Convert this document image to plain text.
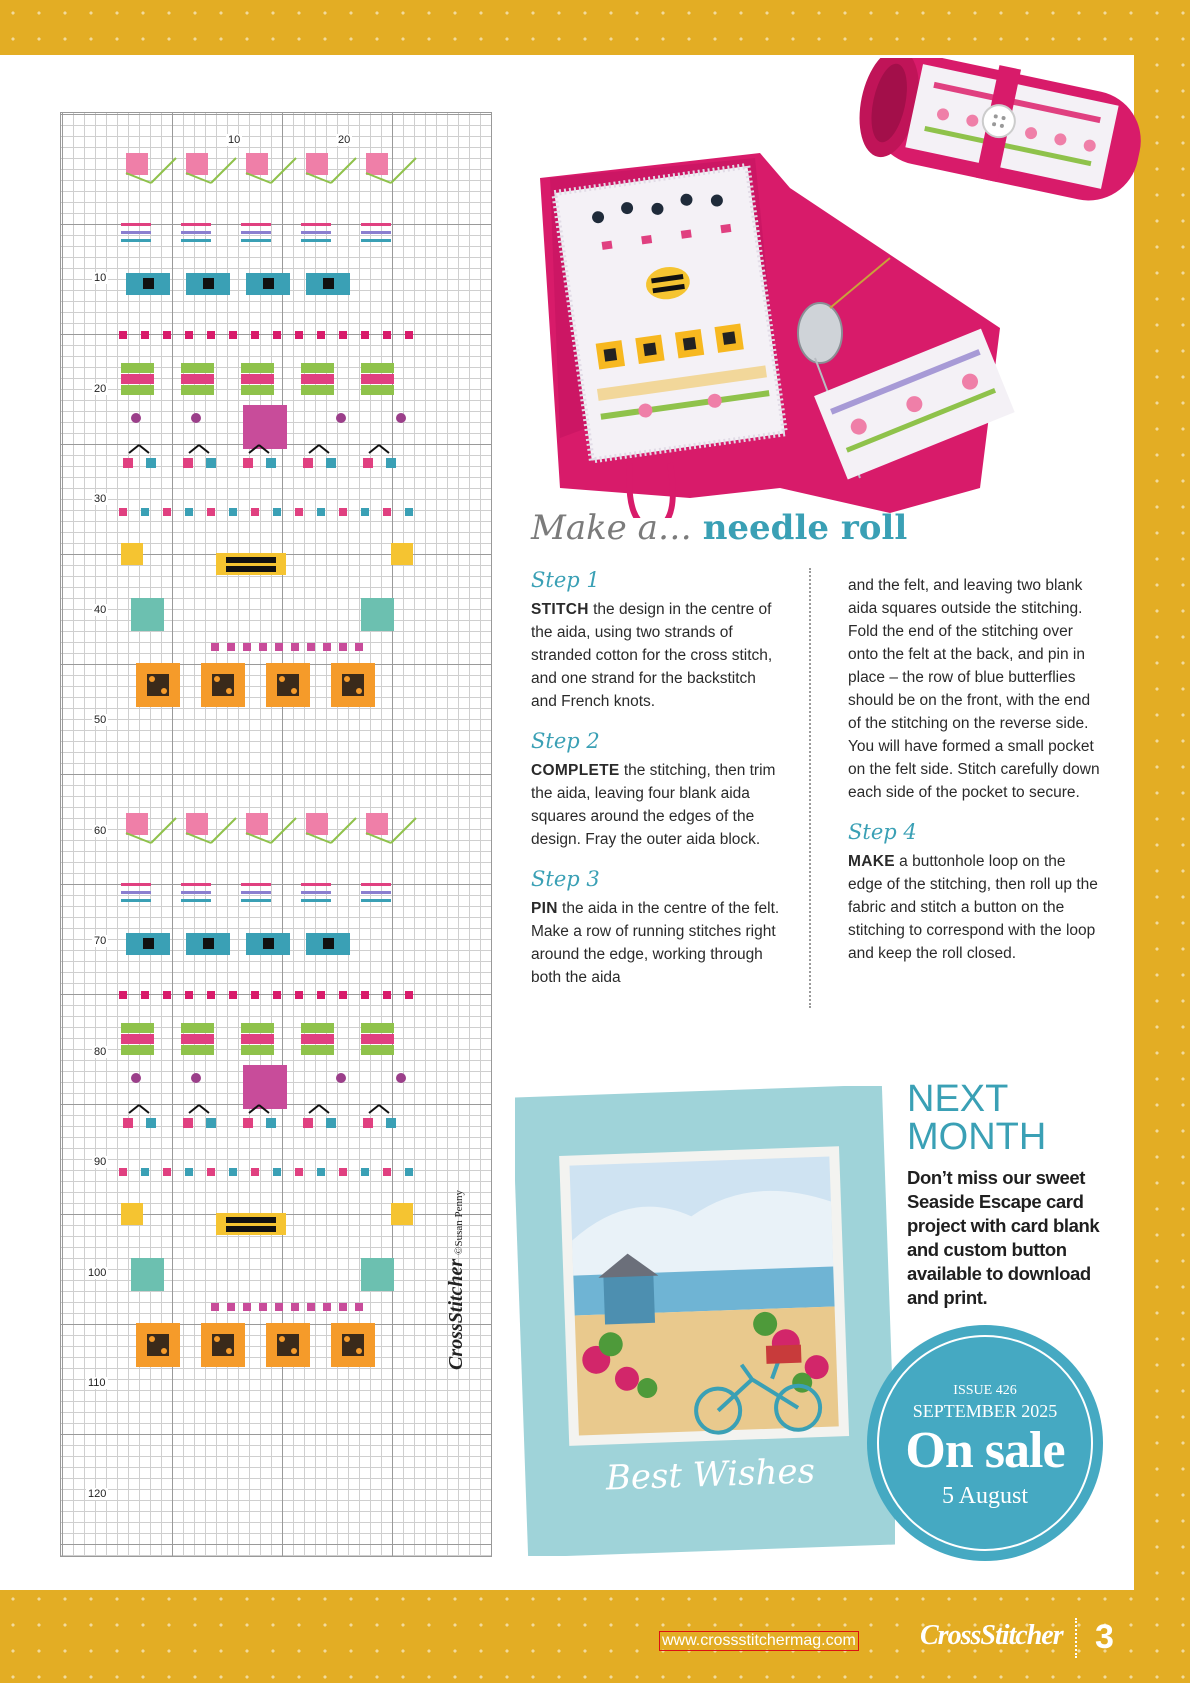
10	20
10
20
30
40
50
60
70
80
90
100
110
120
CrossStitcher©Susan Penny
Make a… needle roll
Step 1
STITCH the design in the centre of the aida, using two strands of stranded cotton for the cross stitch, and one strand for the backstitch and French knots.
Step 2
COMPLETE the stitching, then trim the aida, leaving four blank aida squares around the edges of the design. Fray the outer aida block.
Step 3
PIN the aida in the centre of the felt. Make a row of running stitches right around the edge, working through both the aida
and the felt, and leaving two blank aida squares outside the stitching. Fold the end of the stitching over onto the felt at the back, and pin in place – the row of blue butterflies should be on the front, with the end of the stitching on the reverse side. You will have formed a small pocket on the felt side. Stitch carefully down each side of the pocket to secure.
Step 4
MAKE a buttonhole loop on the edge of the stitching, then roll up the fabric and stitch a button on the stitching to correspond with the loop and keep the roll closed.
Best Wishes
NEXT
MONTH
Don’t miss our sweet Seaside Escape card project with card blank and custom button available to download and print.
ISSUE 426
SEPTEMBER 2025
On sale
5 August
www.crossstitchermag.com CrossStitcher 3
